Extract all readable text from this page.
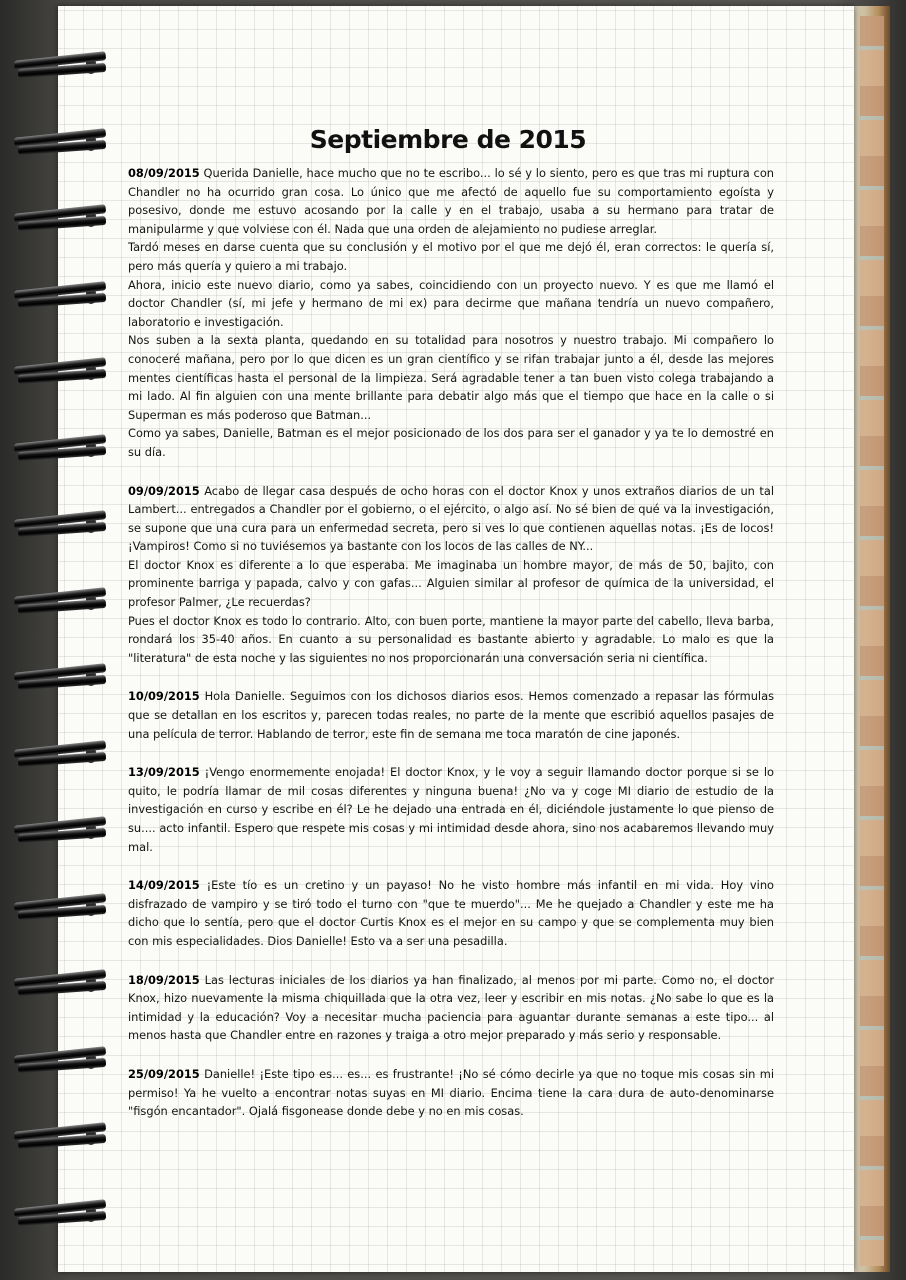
Septiembre de 2015

08/09/2015 Querida Danielle, hace mucho que no te escribo... lo sé y lo siento, pero es que tras mi ruptura con Chandler no ha ocurrido gran cosa. Lo único que me afectó de aquello fue su comportamiento egoísta y posesivo, donde me estuvo acosando por la calle y en el trabajo, usaba a su hermano para tratar de manipularme y que volviese con él. Nada que una orden de alejamiento no pudiese arreglar.

Tardó meses en darse cuenta que su conclusión y el motivo por el que me dejó él, eran correctos: le quería sí, pero más quería y quiero a mi trabajo.

Ahora, inicio este nuevo diario, como ya sabes, coincidiendo con un proyecto nuevo. Y es que me llamó el doctor Chandler (sí, mi jefe y hermano de mi ex) para decirme que mañana tendría un nuevo compañero, laboratorio e investigación.

Nos suben a la sexta planta, quedando en su totalidad para nosotros y nuestro trabajo. Mi compañero lo conoceré mañana, pero por lo que dicen es un gran científico y se rifan trabajar junto a él, desde las mejores mentes científicas hasta el personal de la limpieza. Será agradable tener a tan buen visto colega trabajando a mi lado. Al fin alguien con una mente brillante para debatir algo más que el tiempo que hace en la calle o si Superman es más poderoso que Batman...

Como ya sabes, Danielle, Batman es el mejor posicionado de los dos para ser el ganador y ya te lo demostré en su día.

09/09/2015 Acabo de llegar casa después de ocho horas con el doctor Knox y unos extraños diarios de un tal Lambert... entregados a Chandler por el gobierno, o el ejército, o algo así. No sé bien de qué va la investigación, se supone que una cura para un enfermedad secreta, pero si ves lo que contienen aquellas notas. ¡Es de locos! ¡Vampiros! Como si no tuviésemos ya bastante con los locos de las calles de NY...

El doctor Knox es diferente a lo que esperaba. Me imaginaba un hombre mayor, de más de 50, bajito, con prominente barriga y papada, calvo y con gafas... Alguien similar al profesor de química de la universidad, el profesor Palmer, ¿Le recuerdas?

Pues el doctor Knox es todo lo contrario. Alto, con buen porte, mantiene la mayor parte del cabello, lleva barba, rondará los 35-40 años. En cuanto a su personalidad es bastante abierto y agradable. Lo malo es que la "literatura" de esta noche y las siguientes no nos proporcionarán una conversación seria ni científica.

10/09/2015 Hola Danielle. Seguimos con los dichosos diarios esos. Hemos comenzado a repasar las fórmulas que se detallan en los escritos y, parecen todas reales, no parte de la mente que escribió aquellos pasajes de una película de terror. Hablando de terror, este fin de semana me toca maratón de cine japonés.

13/09/2015 ¡Vengo enormemente enojada! El doctor Knox, y le voy a seguir llamando doctor porque si se lo quito, le podría llamar de mil cosas diferentes y ninguna buena! ¿No va y coge MI diario de estudio de la investigación en curso y escribe en él? Le he dejado una entrada en él, diciéndole justamente lo que pienso de su.... acto infantil. Espero que respete mis cosas y mi intimidad desde ahora, sino nos acabaremos llevando muy mal.

14/09/2015 ¡Este tío es un cretino y un payaso! No he visto hombre más infantil en mi vida. Hoy vino disfrazado de vampiro y se tiró todo el turno con "que te muerdo"... Me he quejado a Chandler y este me ha dicho que lo sentía, pero que el doctor Curtis Knox es el mejor en su campo y que se complementa muy bien con mis especialidades. Dios Danielle! Esto va a ser una pesadilla.

18/09/2015 Las lecturas iniciales de los diarios ya han finalizado, al menos por mi parte. Como no, el doctor Knox, hizo nuevamente la misma chiquillada que la otra vez, leer y escribir en mis notas. ¿No sabe lo que es la intimidad y la educación? Voy a necesitar mucha paciencia para aguantar durante semanas a este tipo... al menos hasta que Chandler entre en razones y traiga a otro mejor preparado y más serio y responsable.

25/09/2015 Danielle! ¡Este tipo es... es... es frustrante! ¡No sé cómo decirle ya que no toque mis cosas sin mi permiso! Ya he vuelto a encontrar notas suyas en MI diario. Encima tiene la cara dura de auto-denominarse "fisgón encantador". Ojalá fisgonease donde debe y no en mis cosas.
